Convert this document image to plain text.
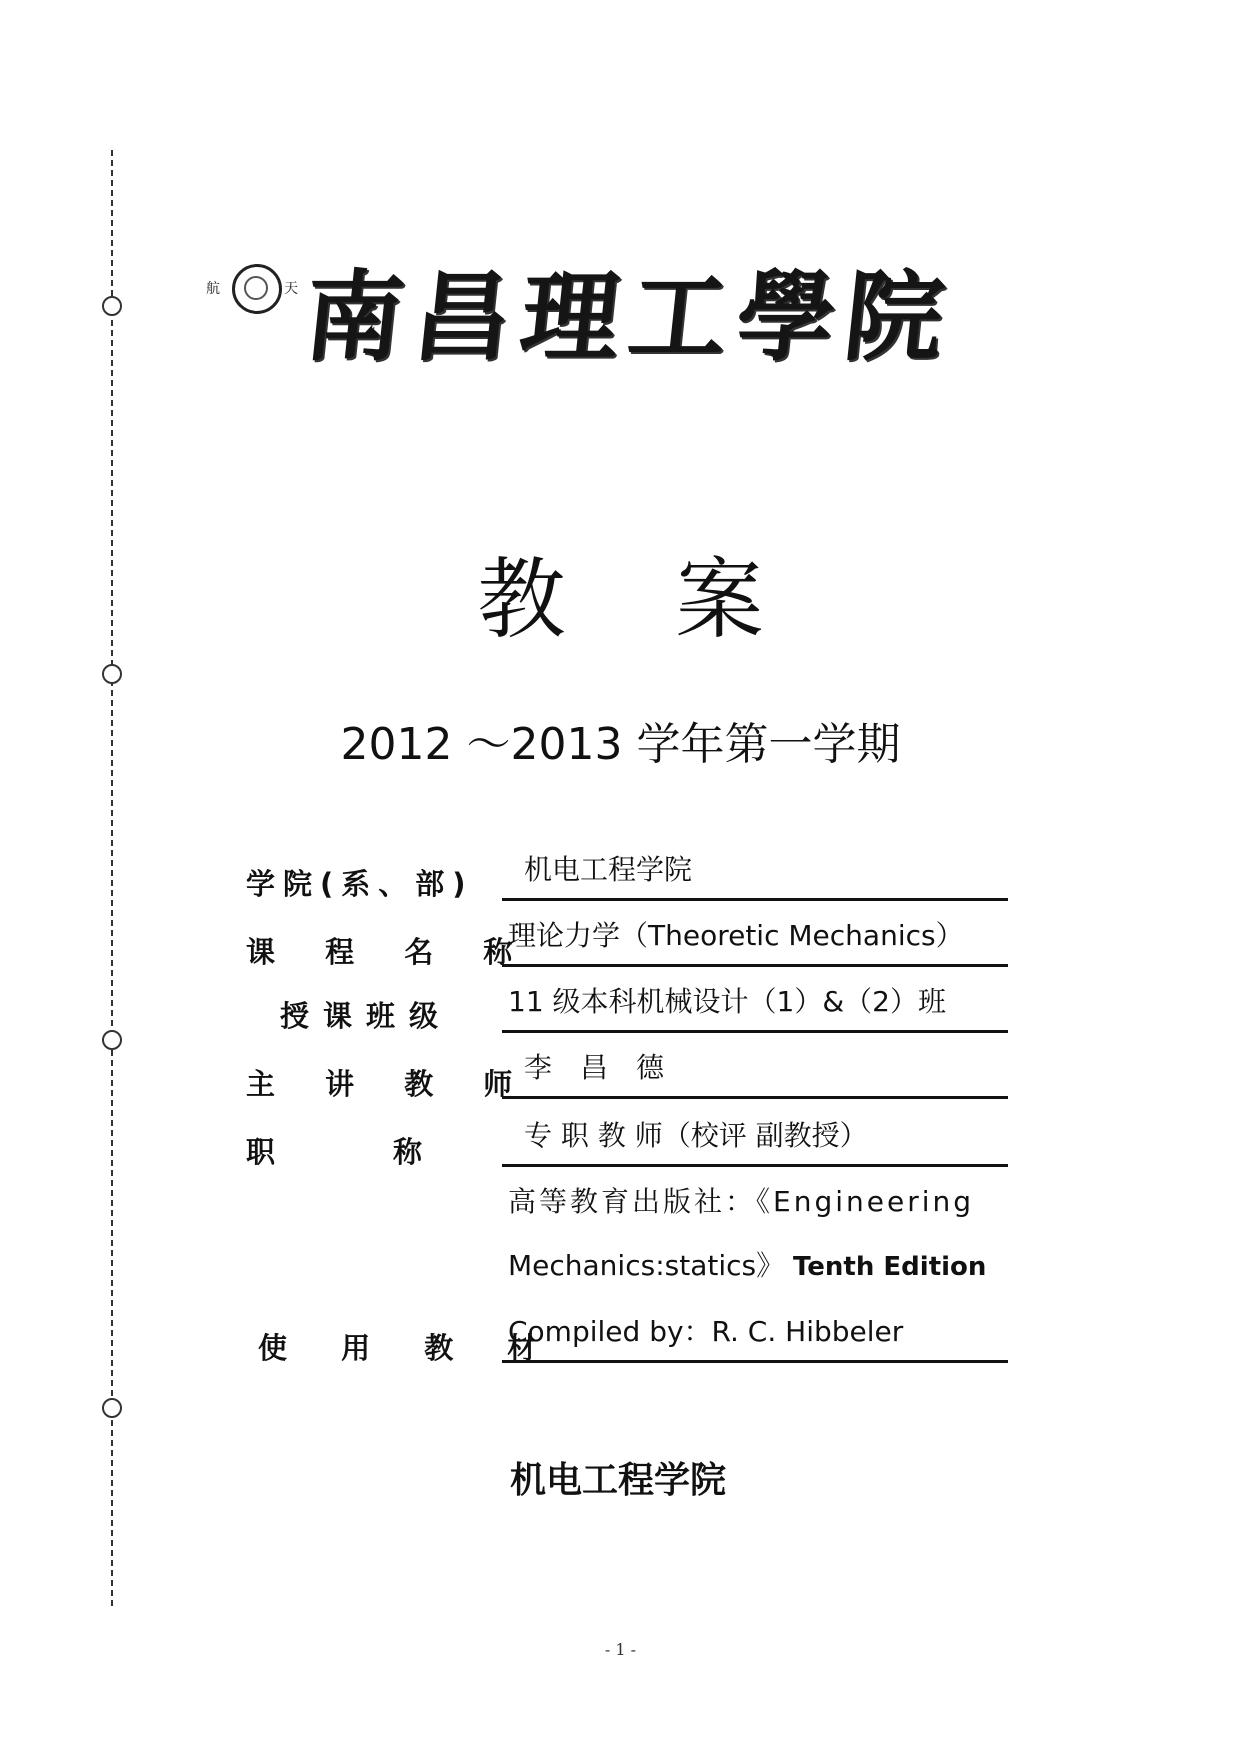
航	天 南昌理工學院
教案
2012 ～2013 学年第一学期
学院(系、部) 机电工程学院
课 程 名 称
理论力学（Theoretic Mechanics）
授课班级 11 级本科机械设计（1）&（2）班
主 讲 教 师
李　昌　德
职　　称	专 职 教 师（校评 副教授）
高等教育出版社：《Engineering
Mechanics:statics》 Tenth Edition
使 用 教 材
Compiled by：R. C. Hibbeler
机电工程学院
- 1 -
